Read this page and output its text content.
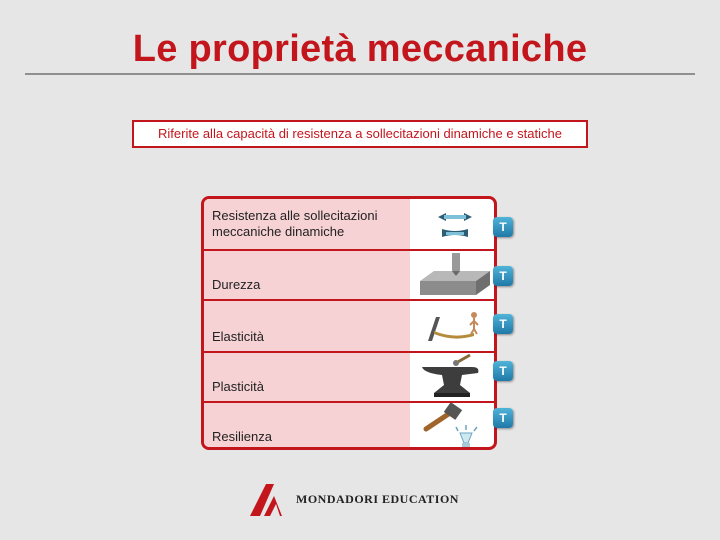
Le proprietà meccaniche
Riferite alla capacità di resistenza a sollecitazioni dinamiche e statiche
Resistenza alle sollecitazioni
meccaniche dinamiche
Durezza
Elasticità
Plasticità
Resilienza
T
T
T
T
T
MONDADORI EDUCATION
